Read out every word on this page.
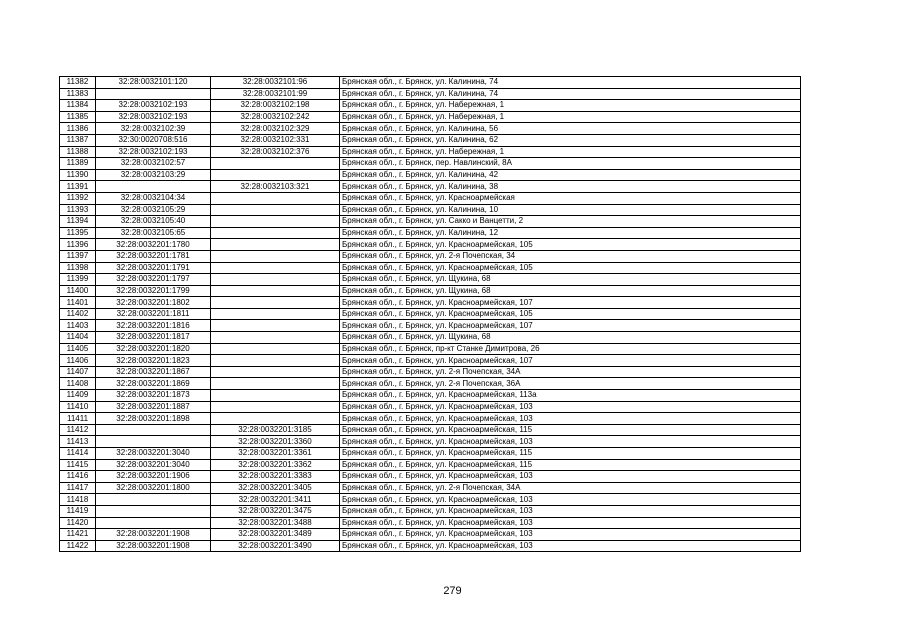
11382	32:28:0032101:120	32:28:0032101:96	Брянская обл., г. Брянск, ул. Калинина, 74
11383		32:28:0032101:99	Брянская обл., г. Брянск, ул. Калинина, 74
11384	32:28:0032102:193	32:28:0032102:198	Брянская обл., г. Брянск, ул. Набережная, 1
11385	32:28:0032102:193	32:28:0032102:242	Брянская обл., г. Брянск, ул. Набережная, 1
11386	32:28:0032102:39	32:28:0032102:329	Брянская обл., г. Брянск, ул. Калинина, 56
11387	32:30:0020708:516	32:28:0032102:331	Брянская обл., г. Брянск, ул. Калинина, 62
11388	32:28:0032102:193	32:28:0032102:376	Брянская обл., г. Брянск, ул. Набережная, 1
11389	32:28:0032102:57		Брянская обл., г. Брянск, пер. Навлинский, 8А
11390	32:28:0032103:29		Брянская обл., г. Брянск, ул. Калинина, 42
11391		32:28:0032103:321	Брянская обл., г. Брянск, ул. Калинина, 38
11392	32:28:0032104:34		Брянская обл., г. Брянск, ул. Красноармейская
11393	32:28:0032105:29		Брянская обл., г. Брянск, ул. Калинина, 10
11394	32:28:0032105:40		Брянская обл., г. Брянск, ул. Сакко и Ванцетти, 2
11395	32:28:0032105:65		Брянская обл., г. Брянск, ул. Калинина, 12
11396	32:28:0032201:1780		Брянская обл., г. Брянск, ул. Красноармейская, 105
11397	32:28:0032201:1781		Брянская обл., г. Брянск, ул. 2-я Почепская, 34
11398	32:28:0032201:1791		Брянская обл., г. Брянск, ул. Красноармейская, 105
11399	32:28:0032201:1797		Брянская обл., г. Брянск, ул. Щукина, 68
11400	32:28:0032201:1799		Брянская обл., г. Брянск, ул. Щукина, 68
11401	32:28:0032201:1802		Брянская обл., г. Брянск, ул. Красноармейская, 107
11402	32:28:0032201:1811		Брянская обл., г. Брянск, ул. Красноармейская, 105
11403	32:28:0032201:1816		Брянская обл., г. Брянск, ул. Красноармейская, 107
11404	32:28:0032201:1817		Брянская обл., г. Брянск, ул. Щукина, 68
11405	32:28:0032201:1820		Брянская обл., г. Брянск, пр-кт Станке Димитрова, 26
11406	32:28:0032201:1823		Брянская обл., г. Брянск, ул. Красноармейская, 107
11407	32:28:0032201:1867		Брянская обл., г. Брянск, ул. 2-я Почепская, 34А
11408	32:28:0032201:1869		Брянская обл., г. Брянск, ул. 2-я Почепская, 36А
11409	32:28:0032201:1873		Брянская обл., г. Брянск, ул. Красноармейская, 113а
11410	32:28:0032201:1887		Брянская обл., г. Брянск, ул. Красноармейская, 103
11411	32:28:0032201:1898		Брянская обл., г. Брянск, ул. Красноармейская, 103
11412		32:28:0032201:3185	Брянская обл., г. Брянск, ул. Красноармейская, 115
11413		32:28:0032201:3360	Брянская обл., г. Брянск, ул. Красноармейская, 103
11414	32:28:0032201:3040	32:28:0032201:3361	Брянская обл., г. Брянск, ул. Красноармейская, 115
11415	32:28:0032201:3040	32:28:0032201:3362	Брянская обл., г. Брянск, ул. Красноармейская, 115
11416	32:28:0032201:1906	32:28:0032201:3383	Брянская обл., г. Брянск, ул. Красноармейская, 103
11417	32:28:0032201:1800	32:28:0032201:3405	Брянская обл., г. Брянск, ул. 2-я Почепская, 34А
11418		32:28:0032201:3411	Брянская обл., г. Брянск, ул. Красноармейская, 103
11419		32:28:0032201:3475	Брянская обл., г. Брянск, ул. Красноармейская, 103
11420		32:28:0032201:3488	Брянская обл., г. Брянск, ул. Красноармейская, 103
11421	32:28:0032201:1908	32:28:0032201:3489	Брянская обл., г. Брянск, ул. Красноармейская, 103
11422	32:28:0032201:1908	32:28:0032201:3490	Брянская обл., г. Брянск, ул. Красноармейская, 103
279
